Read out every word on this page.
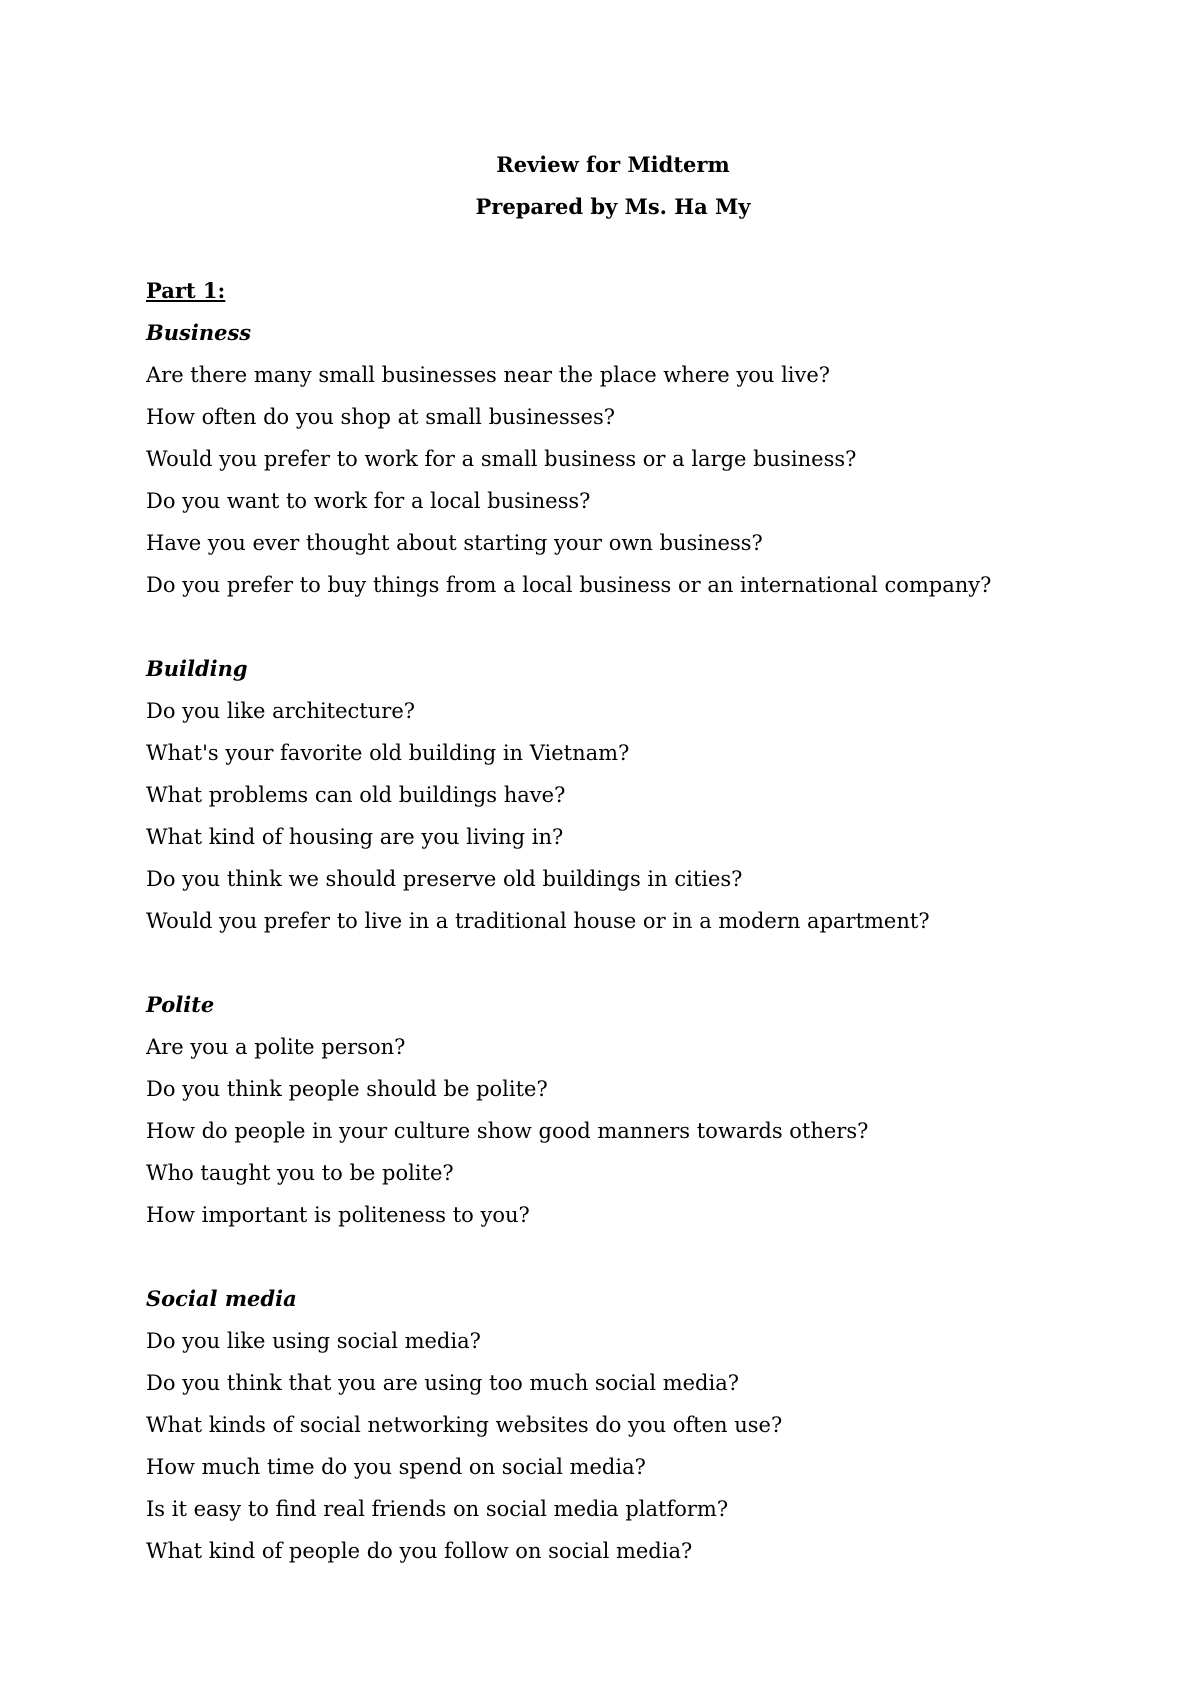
Review for Midterm

Prepared by Ms. Ha My

Part 1:

Business

Are there many small businesses near the place where you live?
How often do you shop at small businesses?
Would you prefer to work for a small business or a large business?
Do you want to work for a local business?
Have you ever thought about starting your own business?
Do you prefer to buy things from a local business or an international company?

Building

Do you like architecture?
What's your favorite old building in Vietnam?
What problems can old buildings have?
What kind of housing are you living in?
Do you think we should preserve old buildings in cities?
Would you prefer to live in a traditional house or in a modern apartment?

Polite

Are you a polite person?
Do you think people should be polite?
How do people in your culture show good manners towards others?
Who taught you to be polite?
How important is politeness to you?

Social media

Do you like using social media?
Do you think that you are using too much social media?
What kinds of social networking websites do you often use?
How much time do you spend on social media?
Is it easy to find real friends on social media platform?
What kind of people do you follow on social media?
